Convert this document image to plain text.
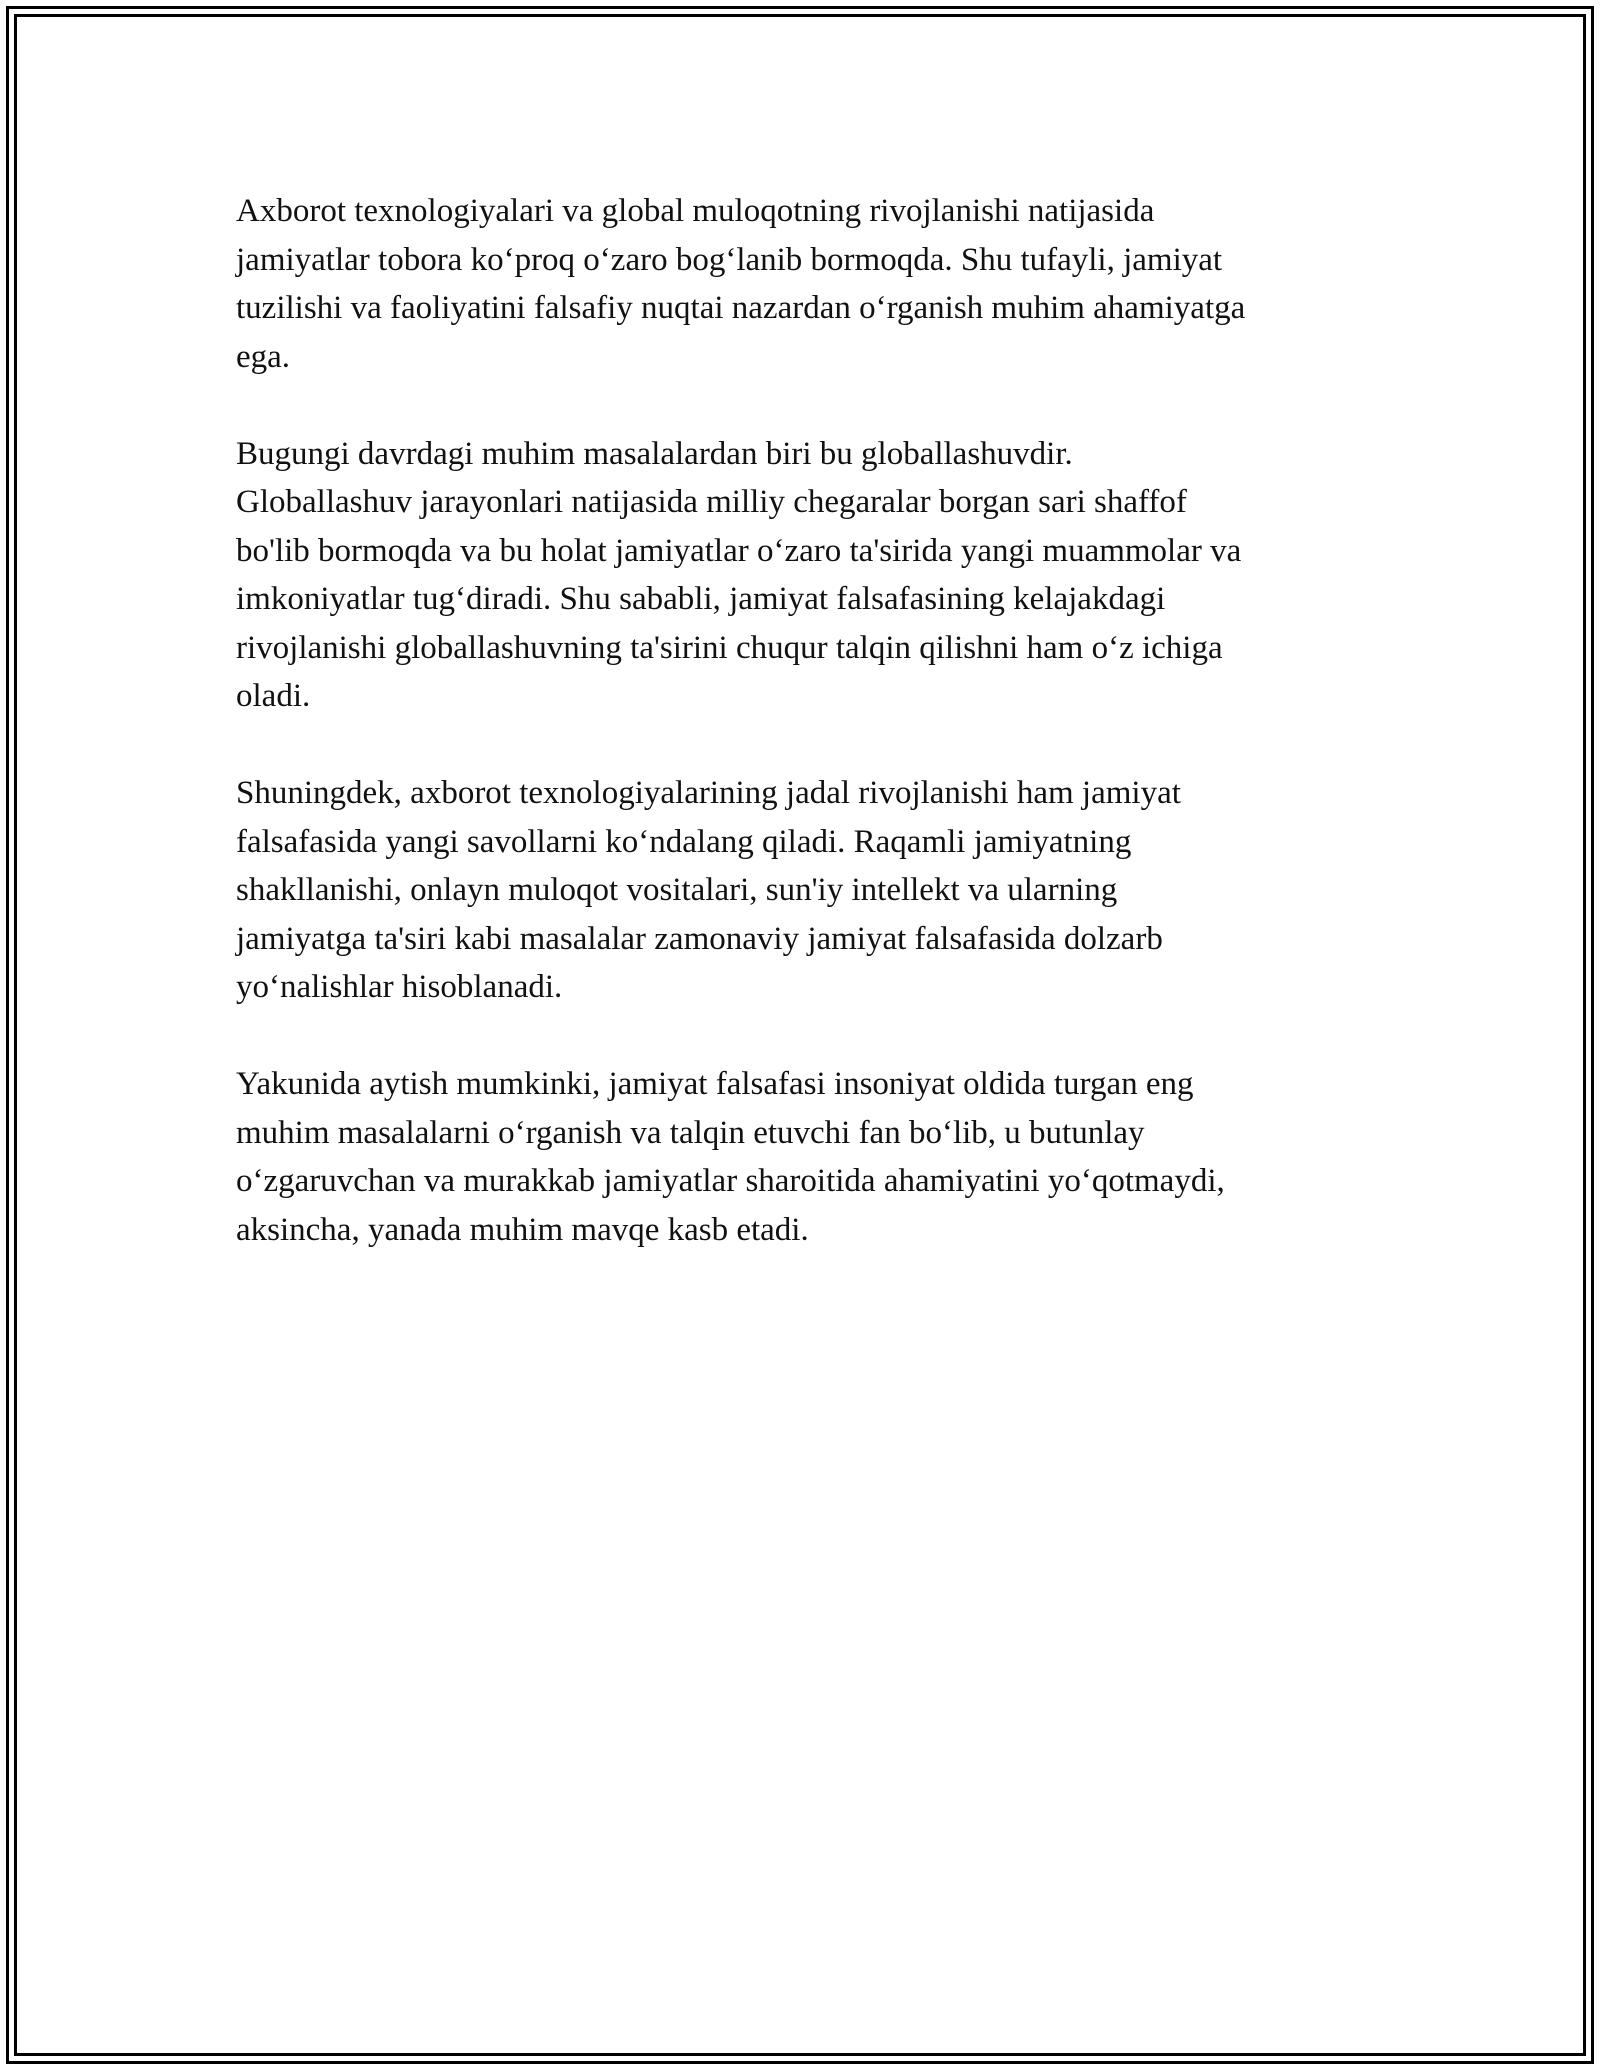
Axborot texnologiyalari va global muloqotning rivojlanishi natijasida
jamiyatlar tobora ko‘proq o‘zaro bog‘lanib bormoqda. Shu tufayli, jamiyat
tuzilishi va faoliyatini falsafiy nuqtai nazardan o‘rganish muhim ahamiyatga
ega.

Bugungi davrdagi muhim masalalardan biri bu globallashuvdir.
Globallashuv jarayonlari natijasida milliy chegaralar borgan sari shaffof
bo'lib bormoqda va bu holat jamiyatlar o‘zaro ta'sirida yangi muammolar va
imkoniyatlar tug‘diradi. Shu sababli, jamiyat falsafasining kelajakdagi
rivojlanishi globallashuvning ta'sirini chuqur talqin qilishni ham o‘z ichiga
oladi.

Shuningdek, axborot texnologiyalarining jadal rivojlanishi ham jamiyat
falsafasida yangi savollarni ko‘ndalang qiladi. Raqamli jamiyatning
shakllanishi, onlayn muloqot vositalari, sun'iy intellekt va ularning
jamiyatga ta'siri kabi masalalar zamonaviy jamiyat falsafasida dolzarb
yo‘nalishlar hisoblanadi.

Yakunida aytish mumkinki, jamiyat falsafasi insoniyat oldida turgan eng
muhim masalalarni o‘rganish va talqin etuvchi fan bo‘lib, u butunlay
o‘zgaruvchan va murakkab jamiyatlar sharoitida ahamiyatini yo‘qotmaydi,
aksincha, yanada muhim mavqe kasb etadi.
